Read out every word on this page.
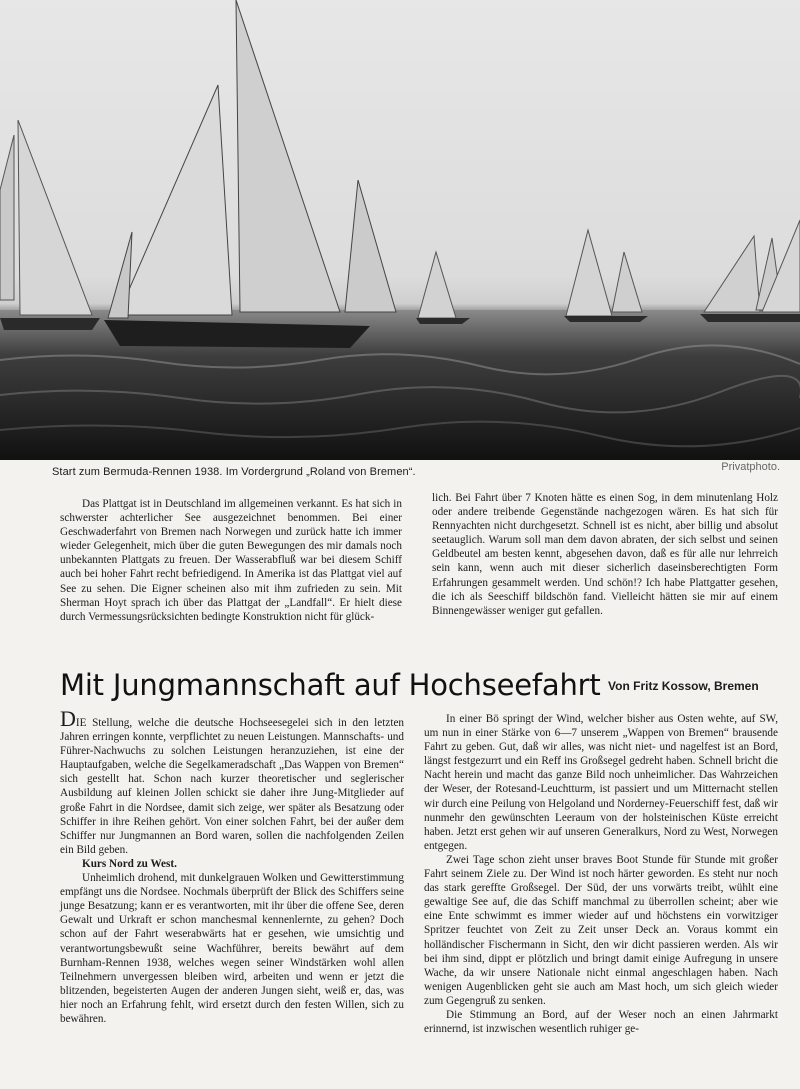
Start zum Bermuda-Rennen 1938. Im Vordergrund „Roland von Bremen“.	Privatphoto.

Das Plattgat ist in Deutschland im allgemeinen verkannt. Es hat sich in schwerster achterlicher See ausgezeichnet benommen. Bei einer Geschwaderfahrt von Bremen nach Norwegen und zurück hatte ich immer wieder Gelegenheit, mich über die guten Bewegungen des mir damals noch unbekannten Plattgats zu freuen. Der Wasserabfluß war bei diesem Schiff auch bei hoher Fahrt recht befriedigend. In Amerika ist das Plattgat viel auf See zu sehen. Die Eigner scheinen also mit ihm zufrieden zu sein. Mit Sherman Hoyt sprach ich über das Plattgat der „Landfall“. Er hielt diese durch Vermessungsrücksichten bedingte Konstruktion nicht für glück-

lich. Bei Fahrt über 7 Knoten hätte es einen Sog, in dem minutenlang Holz oder andere treibende Gegenstände nachgezogen wären. Es hat sich für Rennyachten nicht durchgesetzt. Schnell ist es nicht, aber billig und absolut seetauglich. Warum soll man dem davon abraten, der sich selbst und seinen Geldbeutel am besten kennt, abgesehen davon, daß es für alle nur lehrreich sein kann, wenn auch mit dieser sicherlich daseinsberechtigten Form Erfahrungen gesammelt werden. Und schön!? Ich habe Plattgatter gesehen, die ich als Seeschiff bildschön fand. Vielleicht hätten sie mir auf einem Binnengewässer weniger gut gefallen.

Mit Jungmannschaft auf Hochseefahrt Von Fritz Kossow, Bremen

DIE Stellung, welche die deutsche Hochseesegelei sich in den letzten Jahren erringen konnte, verpflichtet zu neuen Leistungen. Mannschafts- und Führer-Nachwuchs zu solchen Leistungen heranzuziehen, ist eine der Hauptaufgaben, welche die Segelkameradschaft „Das Wappen von Bremen“ sich gestellt hat. Schon nach kurzer theoretischer und seglerischer Ausbildung auf kleinen Jollen schickt sie daher ihre Jung-Mitglieder auf große Fahrt in die Nordsee, damit sich zeige, wer später als Besatzung oder Schiffer in ihre Reihen gehört. Von einer solchen Fahrt, bei der außer dem Schiffer nur Jungmannen an Bord waren, sollen die nachfolgenden Zeilen ein Bild geben.

Kurs Nord zu West.

Unheimlich drohend, mit dunkelgrauen Wolken und Gewitterstimmung empfängt uns die Nordsee. Nochmals überprüft der Blick des Schiffers seine junge Besatzung; kann er es verantworten, mit ihr über die offene See, deren Gewalt und Urkraft er schon manchesmal kennenlernte, zu gehen? Doch schon auf der Fahrt weserabwärts hat er gesehen, wie umsichtig und verantwortungsbewußt seine Wachführer, bereits bewährt auf dem Burnham-Rennen 1938, welches wegen seiner Windstärken wohl allen Teilnehmern unvergessen bleiben wird, arbeiten und wenn er jetzt die blitzenden, begeisterten Augen der anderen Jungen sieht, weiß er, das, was hier noch an Erfahrung fehlt, wird ersetzt durch den festen Willen, sich zu bewähren.

In einer Bö springt der Wind, welcher bisher aus Osten wehte, auf SW, um nun in einer Stärke von 6—7 unserem „Wappen von Bremen“ brausende Fahrt zu geben. Gut, daß wir alles, was nicht niet- und nagelfest ist an Bord, längst festgezurrt und ein Reff ins Großsegel gedreht haben. Schnell bricht die Nacht herein und macht das ganze Bild noch unheimlicher. Das Wahrzeichen der Weser, der Rotesand-Leuchtturm, ist passiert und um Mitternacht stellen wir durch eine Peilung von Helgoland und Norderney-Feuerschiff fest, daß wir nunmehr den gewünschten Leeraum von der holsteinischen Küste erreicht haben. Jetzt erst gehen wir auf unseren Generalkurs, Nord zu West, Norwegen entgegen.

Zwei Tage schon zieht unser braves Boot Stunde für Stunde mit großer Fahrt seinem Ziele zu. Der Wind ist noch härter geworden. Es steht nur noch das stark gereffte Großsegel. Der Süd, der uns vorwärts treibt, wühlt eine gewaltige See auf, die das Schiff manchmal zu überrollen scheint; aber wie eine Ente schwimmt es immer wieder auf und höchstens ein vorwitziger Spritzer feuchtet von Zeit zu Zeit unser Deck an. Voraus kommt ein holländischer Fischermann in Sicht, den wir dicht passieren werden. Als wir bei ihm sind, dippt er plötzlich und bringt damit einige Aufregung in unsere Wache, da wir unsere Nationale nicht einmal angeschlagen haben. Nach wenigen Augenblicken geht sie auch am Mast hoch, um sich gleich wieder zum Gegengruß zu senken.

Die Stimmung an Bord, auf der Weser noch an einen Jahrmarkt erinnernd, ist inzwischen wesentlich ruhiger ge-
